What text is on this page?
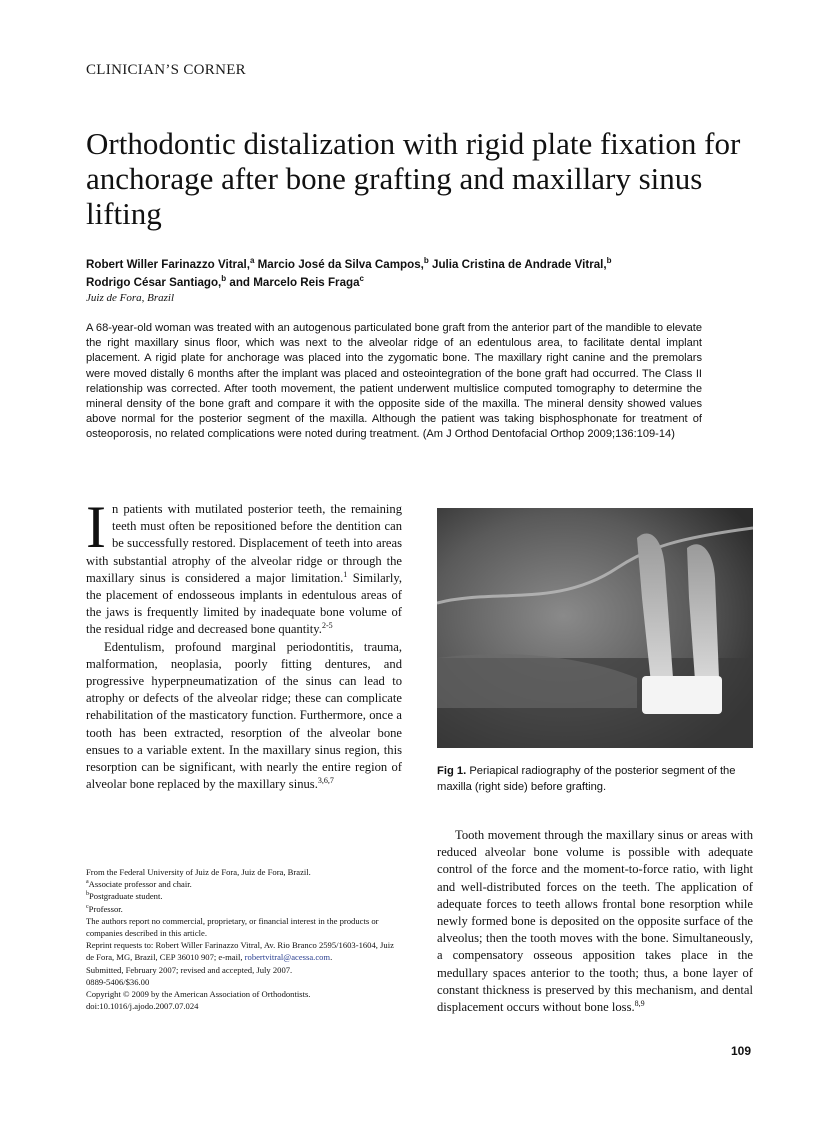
CLINICIAN’S CORNER
Orthodontic distalization with rigid plate fixation for anchorage after bone grafting and maxillary sinus lifting
Robert Willer Farinazzo Vitral,$^a$ Marcio José da Silva Campos,$^b$ Julia Cristina de Andrade Vitral,$^b$
Rodrigo César Santiago,$^b$ and Marcelo Reis Fraga$^c$
Juiz de Fora, Brazil
A 68-year-old woman was treated with an autogenous particulated bone graft from the anterior part of the mandible to elevate the right maxillary sinus floor, which was next to the alveolar ridge of an edentulous area, to facilitate dental implant placement. A rigid plate for anchorage was placed into the zygomatic bone. The maxillary right canine and the premolars were moved distally 6 months after the implant was placed and osteointegration of the bone graft had occurred. The Class II relationship was corrected. After tooth movement, the patient underwent multislice computed tomography to determine the mineral density of the bone graft and compare it with the opposite side of the maxilla. The mineral density showed values above normal for the posterior segment of the maxilla. Although the patient was taking bisphosphonate for treatment of osteoporosis, no related complications were noted during treatment. (Am J Orthod Dentofacial Orthop 2009;136:109-14)

In patients with mutilated posterior teeth, the remaining teeth must often be repositioned before the dentition can be successfully restored. Displacement of teeth into areas with substantial atrophy of the alveolar ridge or through the maxillary sinus is considered a major limitation.$^1$ Similarly, the placement of endosseous implants in edentulous areas of the jaws is frequently limited by inadequate bone volume of the residual ridge and decreased bone quantity.$^{2-5}$

Edentulism, profound marginal periodontitis, trauma, malformation, neoplasia, poorly fitting dentures, and progressive hyperpneumatization of the sinus can lead to atrophy or defects of the alveolar ridge; these can complicate rehabilitation of the masticatory function. Furthermore, once a tooth has been extracted, resorption of the alveolar bone ensues to a variable extent. In the maxillary sinus region, this resorption can be significant, with nearly the entire region of alveolar bone replaced by the maxillary sinus.$^{3,6,7}$

Fig 1. Periapical radiography of the posterior segment of the maxilla (right side) before grafting.

Tooth movement through the maxillary sinus or areas with reduced alveolar bone volume is possible with adequate control of the force and the moment-to-force ratio, with light and well-distributed forces on the teeth. The application of adequate forces to teeth allows frontal bone resorption while newly formed bone is deposited on the opposite surface of the alveolus; then the tooth moves with the bone. Simultaneously, a compensatory osseous apposition takes place in the medullary spaces anterior to the tooth; thus, a bone layer of constant thickness is preserved by this mechanism, and dental displacement occurs without bone loss.$^{8,9}$

From the Federal University of Juiz de Fora, Juiz de Fora, Brazil.
$^a$Associate professor and chair.
$^b$Postgraduate student.
$^c$Professor.
The authors report no commercial, proprietary, or financial interest in the products or companies described in this article.
Reprint requests to: Robert Willer Farinazzo Vitral, Av. Rio Branco 2595/1603-1604, Juiz de Fora, MG, Brazil, CEP 36010 907; e-mail, robertvitral@acessa.com.
Submitted, February 2007; revised and accepted, July 2007.
0889-5406/$36.00
Copyright © 2009 by the American Association of Orthodontists.
doi:10.1016/j.ajodo.2007.07.024
109
